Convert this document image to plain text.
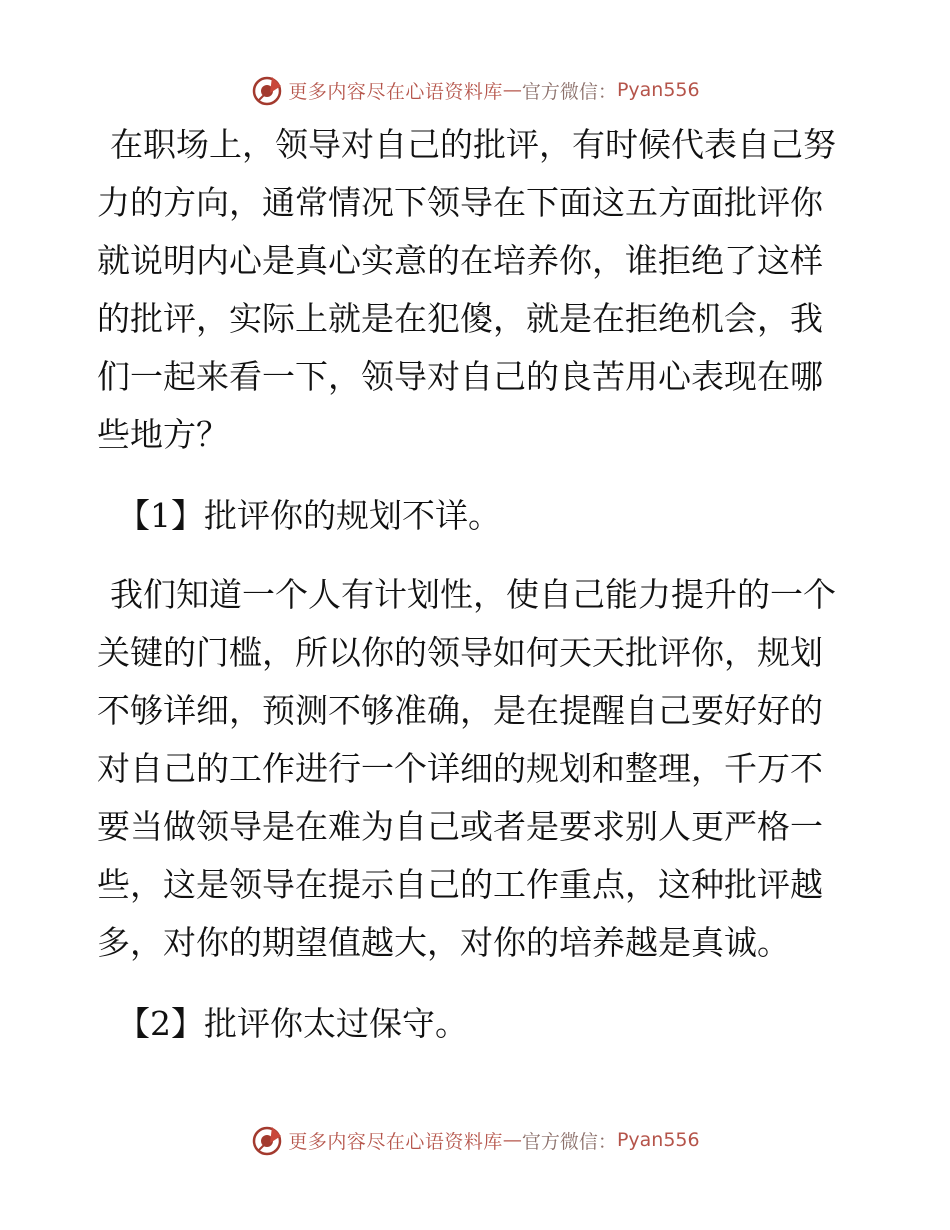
更多内容尽在心语资料库 — 官方微信： Pyan556

在职场上，领导对自己的批评，有时候代表自己努力的方向，通常情况下领导在下面这五方面批评你就说明内心是真心实意的在培养你，谁拒绝了这样的批评，实际上就是在犯傻，就是在拒绝机会，我们一起来看一下，领导对自己的良苦用心表现在哪些地方？

【1】批评你的规划不详。

我们知道一个人有计划性，使自己能力提升的一个关键的门槛，所以你的领导如何天天批评你，规划不够详细，预测不够准确，是在提醒自己要好好的对自己的工作进行一个详细的规划和整理，千万不要当做领导是在难为自己或者是要求别人更严格一些，这是领导在提示自己的工作重点，这种批评越多，对你的期望值越大，对你的培养越是真诚。

【2】批评你太过保守。

更多内容尽在心语资料库 — 官方微信： Pyan556
